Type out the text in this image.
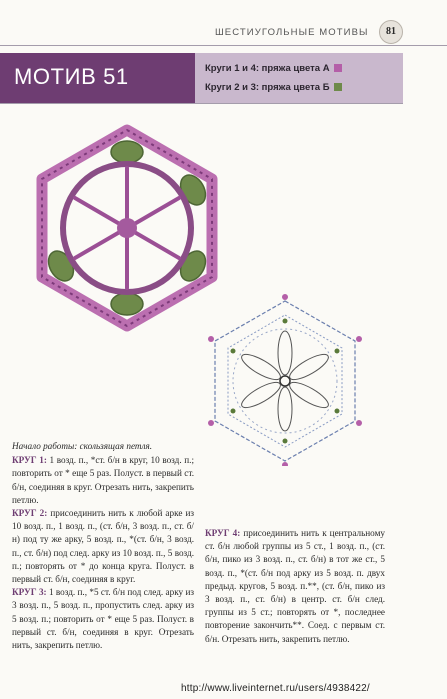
ШЕСТИУГОЛЬНЫЕ МОТИВЫ	81
МОТИВ 51	Круги 1 и 4: пряжа цвета А
Круги 2 и 3: пряжа цвета Б

Начало работы: скользящая петля.

КРУГ 1: 1 возд. п., *ст. б/н в круг, 10 возд. п.; повторить от * еще 5 раз. Полуст. в первый ст. б/н, соединяя в круг. Отрезать нить, закрепить петлю.

КРУГ 2: присоединить нить к любой арке из 10 возд. п., 1 возд. п., (ст. б/н, 3 возд. п., ст. б/н) под ту же арку, 5 возд. п., *(ст. б/н, 3 возд. п., ст. б/н) под след. арку из 10 возд. п., 5 возд. п.; повторять от * до конца круга. Полуст. в первый ст. б/н, соединяя в круг.

КРУГ 3: 1 возд. п., *5 ст. б/н под след. арку из 3 возд. п., 5 возд. п., пропустить след. арку из 5 возд. п.; повторить от * еще 5 раз. Полуст. в первый ст. б/н, соединяя в круг. Отрезать нить, закрепить петлю.

КРУГ 4: присоединить нить к центральному ст. б/н любой группы из 5 ст., 1 возд. п., (ст. б/н, пико из 3 возд. п., ст. б/н) в тот же ст., 5 возд. п., *(ст. б/н под арку из 5 возд. п. двух предыд. кругов, 5 возд. п.**, (ст. б/н, пико из 3 возд. п., ст. б/н) в центр. ст. б/н след. группы из 5 ст.; повторять от *, последнее повторение закончить**. Соед. с первым ст. б/н. Отрезать нить, закрепить петлю.

http://www.liveinternet.ru/users/4938422/
